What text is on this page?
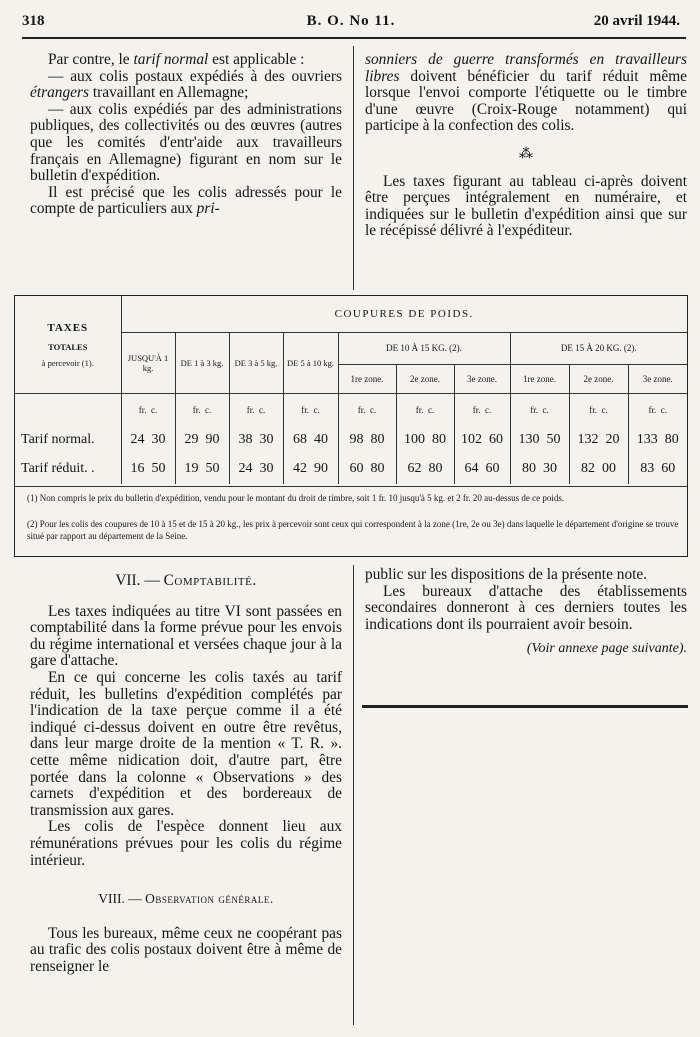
318	B. O. No 11.	20 avril 1944.

Par contre, le tarif normal est applicable :

— aux colis postaux expédiés à des ouvriers étrangers travaillant en Allemagne;

— aux colis expédiés par des administrations publiques, des collectivités ou des œuvres (autres que les comités d'entr'aide aux travailleurs français en Allemagne) figurant en nom sur le bulletin d'expédition.

Il est précisé que les colis adressés pour le compte de particuliers aux pri-

sonniers de guerre transformés en travailleurs libres doivent bénéficier du tarif réduit même lorsque l'envoi comporte l'étiquette ou le timbre d'une œuvre (Croix-Rouge notamment) qui participe à la confection des colis.

⁂

Les taxes figurant au tableau ci-après doivent être perçues intégralement en numéraire, et indiquées sur le bulletin d'expédition ainsi que sur le récépissé délivré à l'expéditeur.

TAXES
TOTALES
à percevoir (1).	COUPURES DE POIDS.									
	JUSQU'À 1 kg.	DE 1 à 3 kg.	DE 3 à 5 kg.	DE 5 à 10 kg.	DE 10 À 15 KG. (2).			DE 15 À 20 KG. (2).		
					1re zone.	2e zone.	3e zone.	1re zone.	2e zone.	3e zone.
	fr. c.	fr. c.	fr. c.	fr. c.	fr. c.	fr. c.	fr. c.	fr. c.	fr. c.	fr. c.
Tarif normal.	24 30	29 90	38 30	68 40	98 80	100 80	102 60	130 50	132 20	133 80
Tarif réduit. .	16 50	19 50	24 30	42 90	60 80	62 80	64 60	80 30	82 00	83 60
(1) Non compris le prix du bulletin d'expédition, vendu pour le montant du droit de timbre, soit 1 fr. 10 jusqu'à 5 kg. et 2 fr. 20 au-dessus de ce poids.
(2) Pour les colis des coupures de 10 à 15 et de 15 à 20 kg., les prix à percevoir sont ceux qui correspondent à la zone (1re, 2e ou 3e) dans laquelle le département d'origine se trouve situé par rapport au département de la Seine.

VII. — Comptabilité.

Les taxes indiquées au titre VI sont passées en comptabilité dans la forme prévue pour les envois du régime international et versées chaque jour à la gare d'attache.

En ce qui concerne les colis taxés au tarif réduit, les bulletins d'expédition complétés par l'indication de la taxe perçue comme il a été indiqué ci-dessus doivent en outre être revêtus, dans leur marge droite de la mention « T. R. ». cette même nidication doit, d'autre part, être portée dans la colonne « Observations » des carnets d'expédition et des bordereaux de transmission aux gares.

Les colis de l'espèce donnent lieu aux rémunérations prévues pour les colis du régime intérieur.

VIII. — Observation générale.

Tous les bureaux, même ceux ne coopérant pas au trafic des colis postaux doivent être à même de renseigner le

public sur les dispositions de la présente note.

Les bureaux d'attache des établissements secondaires donneront à ces derniers toutes les indications dont ils pourraient avoir besoin.

(Voir annexe page suivante).
